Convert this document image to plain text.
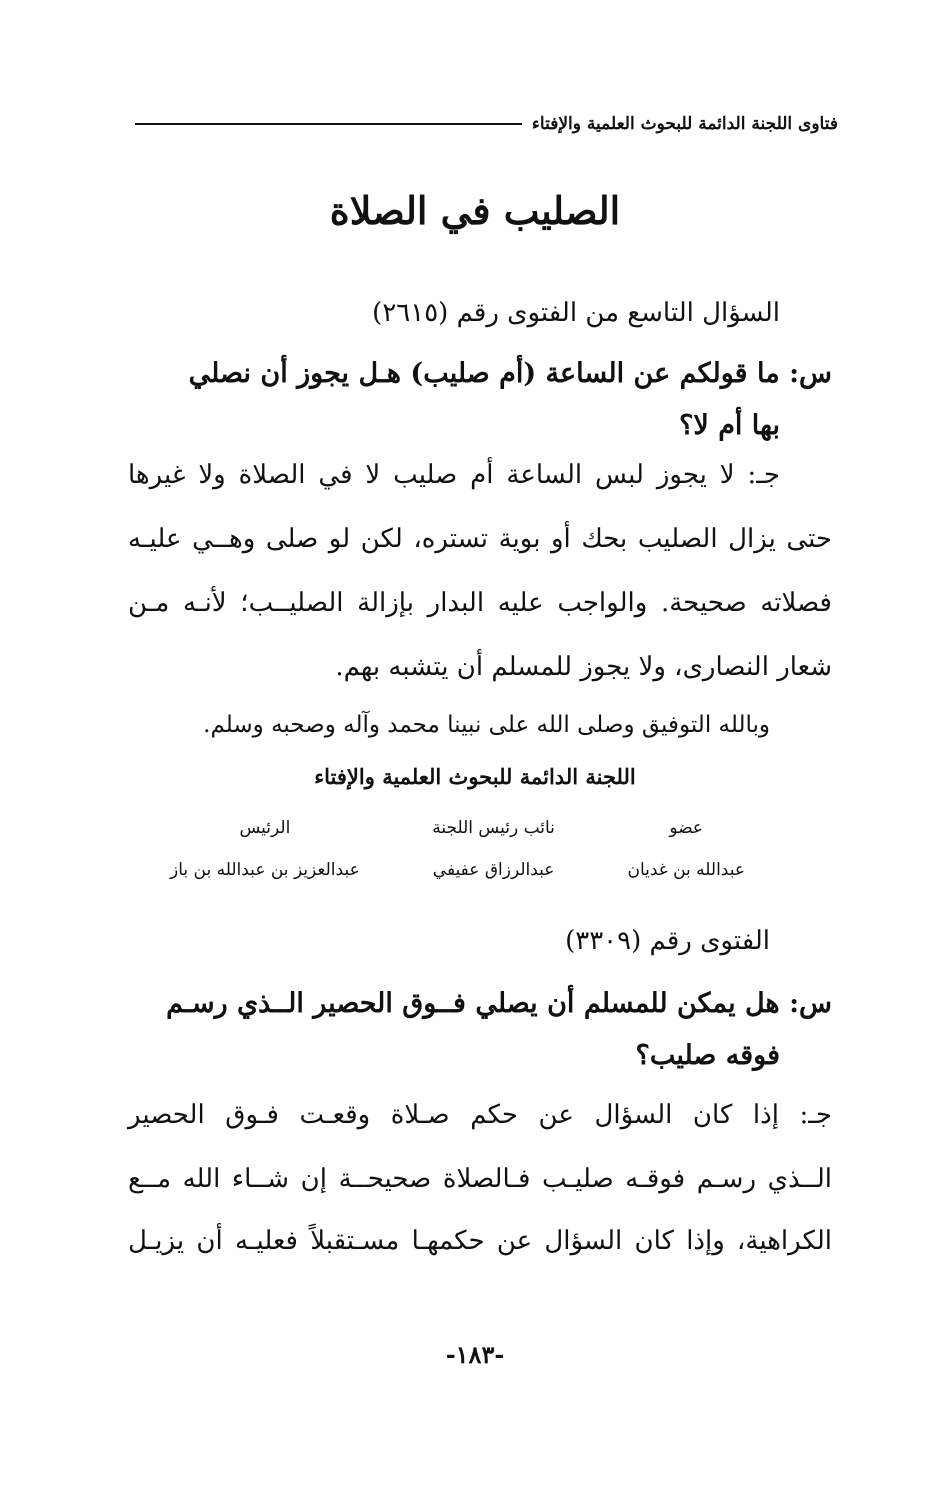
فتاوى اللجنة الدائمة للبحوث العلمية والإفتاء
الصليب في الصلاة

السؤال التاسع من الفتوى رقم (٢٦١٥)

س: ما قولكم عن الساعة (أم صليب) هـل يجوز أن نصلي

بها أم لا؟

جـ: لا يجوز لبس الساعة أم صليب لا في الصلاة ولا غيرها

حتى يزال الصليب بحك أو بوية تستره، لكن لو صلى وهــي عليـه

فصلاته صحيحة. والواجب عليه البدار بإزالة الصليــب؛ لأنـه مـن

شعار النصارى، ولا يجوز للمسلم أن يتشبه بهم.

وبالله التوفيق وصلى الله على نبينا محمد وآله وصحبه وسلم.

اللجنة الدائمة للبحوث العلمية والإفتاء

عضو
عبدالله بن غديان
نائب رئيس اللجنة
عبدالرزاق عفيفي
الرئيس
عبدالعزيز بن عبدالله بن باز

الفتوى رقم (٣٣٠٩)

س: هل يمكن للمسلم أن يصلي فــوق الحصير الــذي رسـم

فوقه صليب؟

جـ: إذا كان السؤال عن حكم صـلاة وقعـت فـوق الحصير

الــذي رسـم فوقـه صليـب فـالصلاة صحيحــة إن شــاء الله مــع

الكراهية، وإذا كان السؤال عن حكمهـا مسـتقبلاً فعليـه أن يزيـل

-١٨٣-
